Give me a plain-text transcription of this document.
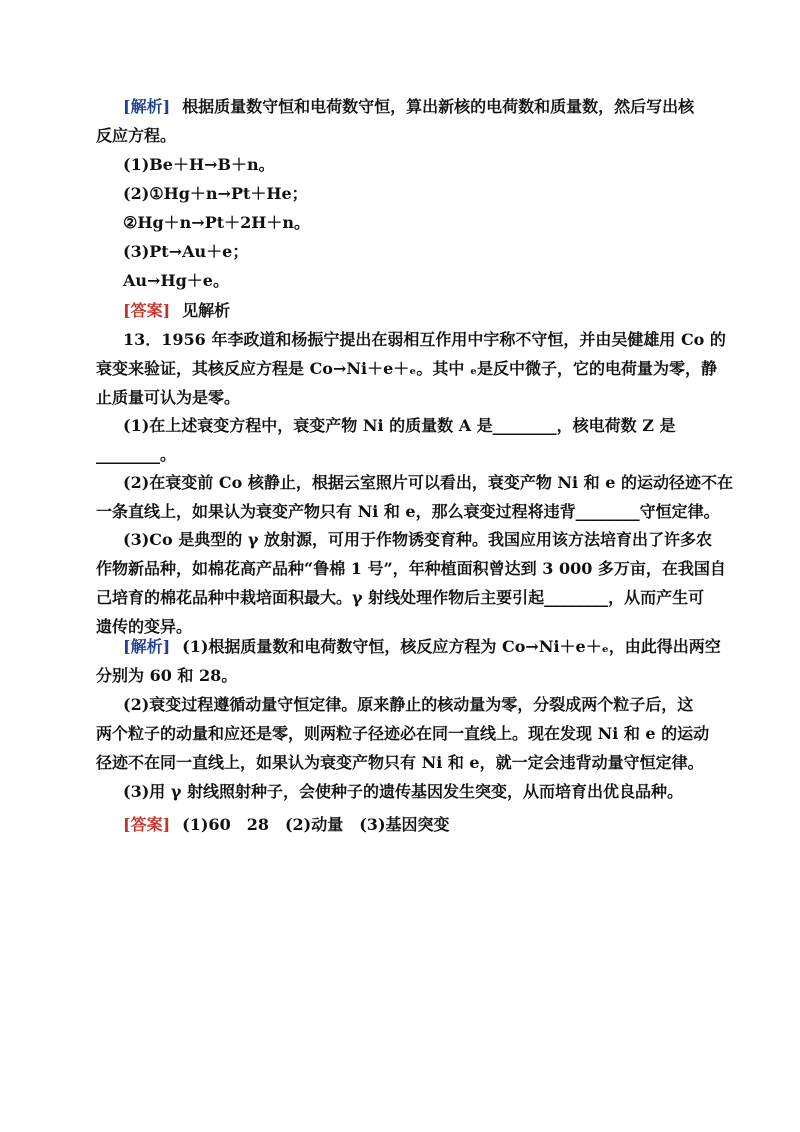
[解析] 根据质量数守恒和电荷数守恒，算出新核的电荷数和质量数，然后写出核
反应方程。
(1)Be＋H→B＋n。
(2)①Hg＋n→Pt＋He；
②Hg＋n→Pt＋2H＋n。
(3)Pt→Au＋e；
Au→Hg＋e。
[答案] 见解析
13．1956 年李政道和杨振宁提出在弱相互作用中宇称不守恒，并由吴健雄用 Co 的
衰变来验证，其核反应方程是 Co→Ni＋e＋ₑ。其中 ₑ是反中微子，它的电荷量为零，静
止质量可认为是零。
(1)在上述衰变方程中，衰变产物 Ni 的质量数 A 是________，核电荷数 Z 是
________。
(2)在衰变前 Co 核静止，根据云室照片可以看出，衰变产物 Ni 和 e 的运动径迹不在
一条直线上，如果认为衰变产物只有 Ni 和 e，那么衰变过程将违背________守恒定律。
(3)Co 是典型的 γ 放射源，可用于作物诱变育种。我国应用该方法培育出了许多农
作物新品种，如棉花高产品种“鲁棉 1 号”，年种植面积曾达到 3 000 多万亩，在我国自
己培育的棉花品种中栽培面积最大。γ 射线处理作物后主要引起________，从而产生可
遗传的变异。
[解析] (1)根据质量数和电荷数守恒，核反应方程为 Co→Ni＋e＋ₑ，由此得出两空
分别为 60 和 28。
(2)衰变过程遵循动量守恒定律。原来静止的核动量为零，分裂成两个粒子后，这
两个粒子的动量和应还是零，则两粒子径迹必在同一直线上。现在发现 Ni 和 e 的运动
径迹不在同一直线上，如果认为衰变产物只有 Ni 和 e，就一定会违背动量守恒定律。
(3)用 γ 射线照射种子，会使种子的遗传基因发生突变，从而培育出优良品种。
[答案] (1)60　28　(2)动量　(3)基因突变
